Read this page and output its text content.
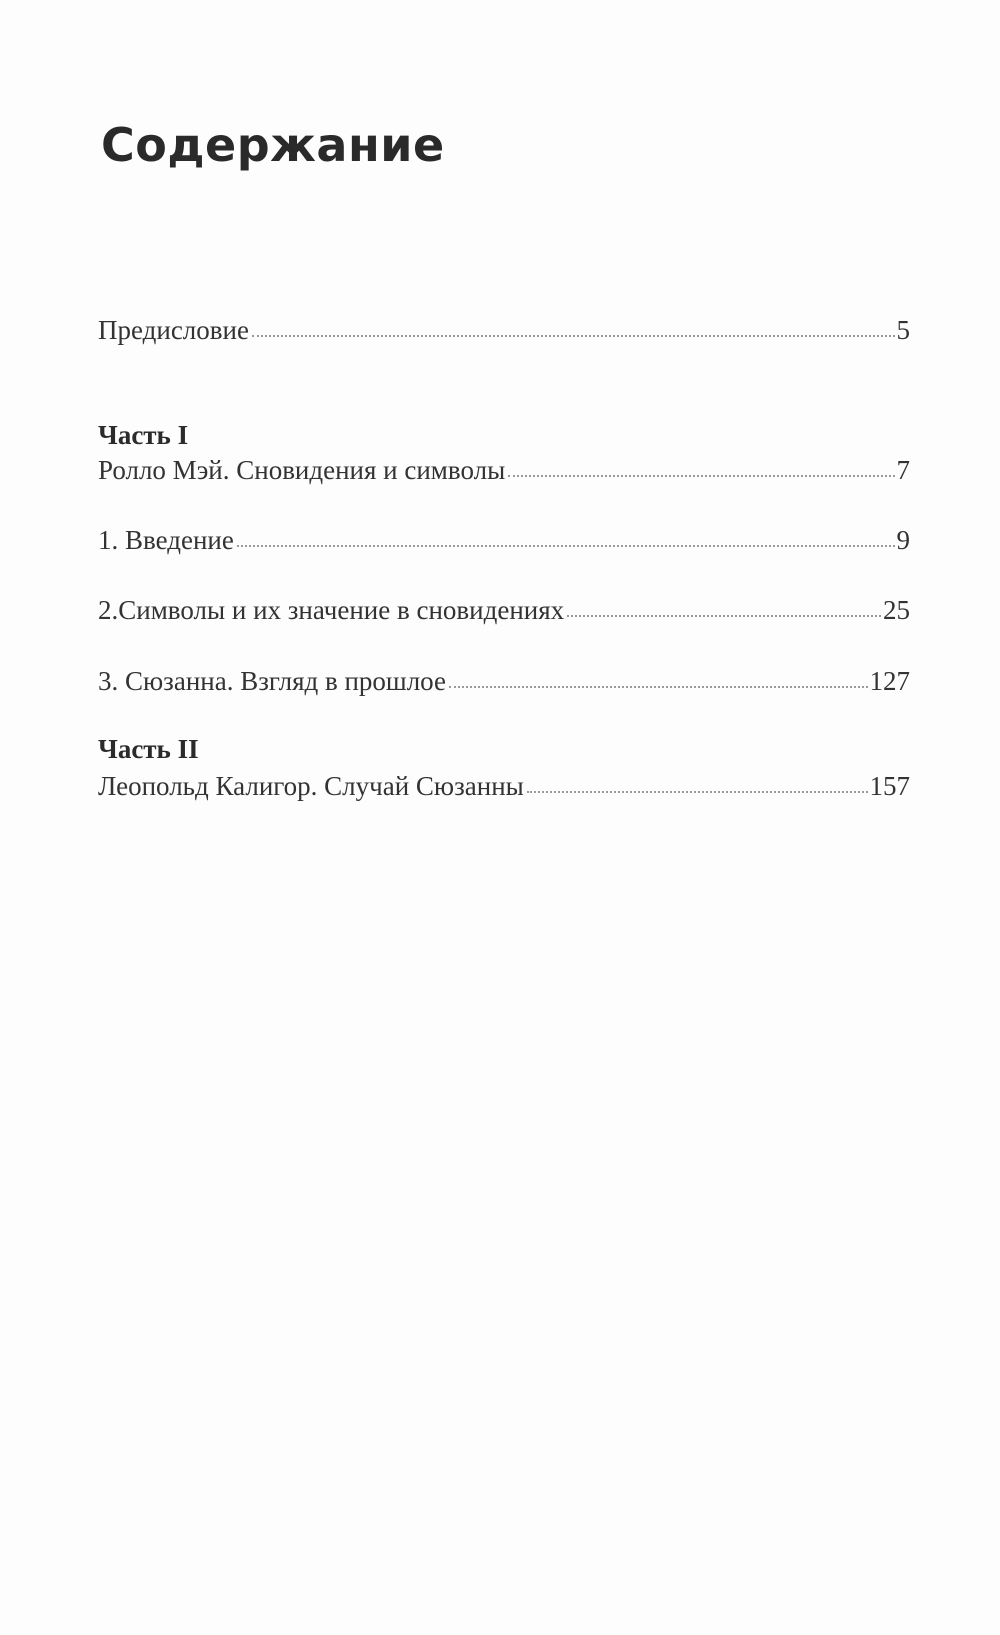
Содержание
Предисловие	5
Часть I
Ролло Мэй. Сновидения и символы	7
1. Введение	9
2.Символы и их значение в сновидениях	25
3. Сюзанна. Взгляд в прошлое	127
Часть II
Леопольд Калигор. Случай Сюзанны	157
